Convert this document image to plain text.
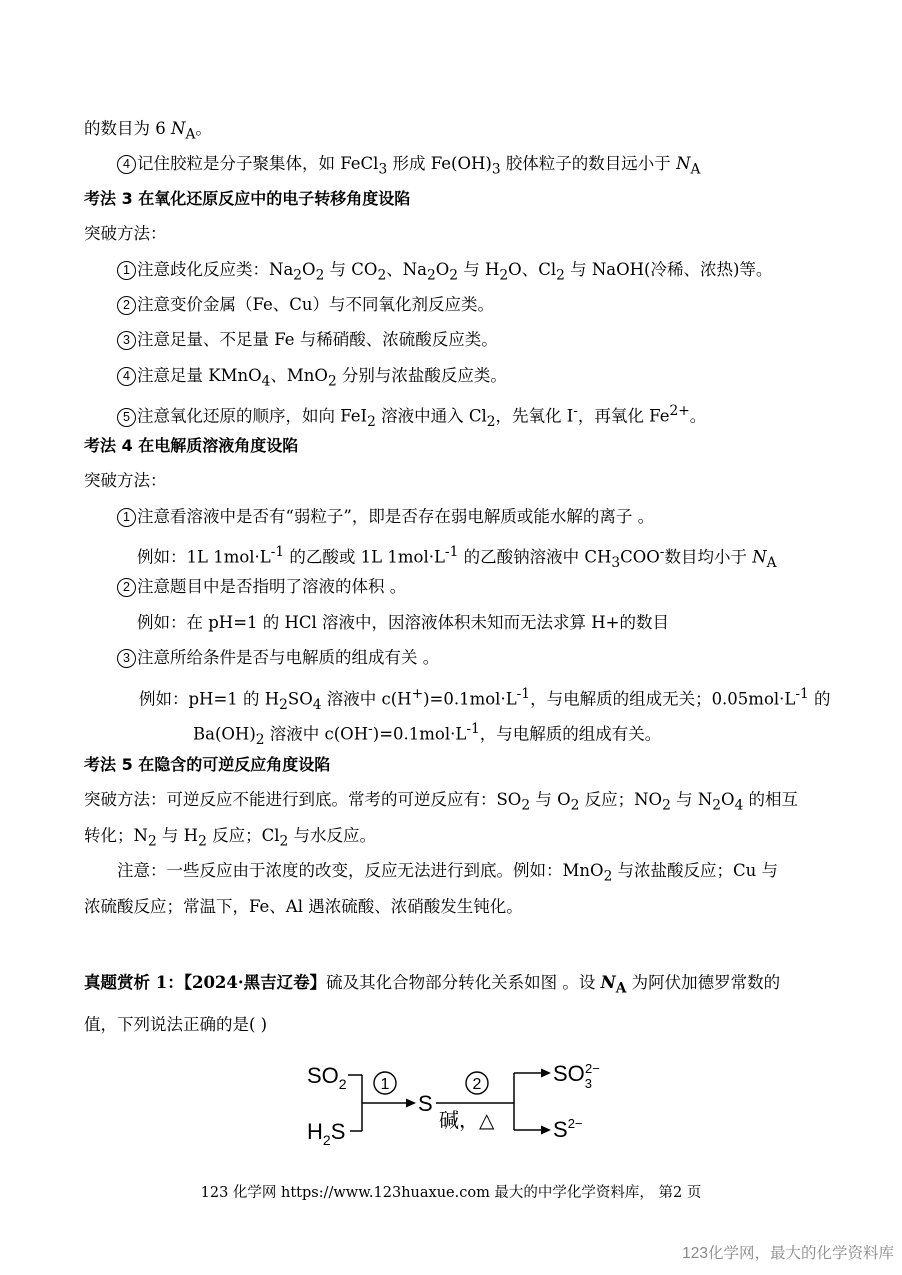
的数目为 6 $N_A$。
4 记住胶粒是分子聚集体，如 FeCl$_3$ 形成 $Fe(OH)_3$ 胶体粒子的数目远小于 $N_A$
考法 3 在氧化还原反应中的电子转移角度设陷
突破方法：
1 注意歧化反应类：$Na_2O_2$ 与 $CO_2$、$Na_2O_2$ 与 $H_2O$、$Cl_2$ 与 NaOH(冷稀、浓热)等。
2 注意变价金属（Fe、Cu）与不同氧化剂反应类。
3 注意足量、不足量 Fe 与稀硝酸、浓硫酸反应类。
4 注意足量 KMnO$_4$、MnO$_2$ 分别与浓盐酸反应类。
5 注意氧化还原的顺序，如向 FeI$_2$ 溶液中通入 $Cl_2$，先氧化 I-，再氧化 $Fe^{2+}$。
考法 4 在电解质溶液角度设陷
突破方法：
1 注意看溶液中是否有“弱粒子”，即是否存在弱电解质或能水解的离子 。
例如：1L $1mol\cdot L^{-1}$ 的乙酸或 1L $1mol\cdot L^{-1}$ 的乙酸钠溶液中 $CH_3COO^-$数目均小于 $N_A$
2 注意题目中是否指明了溶液的体积 。
例如：在 pH=1 的 HCl 溶液中，因溶液体积未知而无法求算 H+的数目
3 注意所给条件是否与电解质的组成有关 。
例如：pH=1 的 $H_2SO_4$ 溶液中 $c(H^+)=0.1mol\cdot L^{-1}$，与电解质的组成无关；$0.05mol\cdot L^{-1}$ 的
$Ba(OH)_2$ 溶液中 $c(OH^-)=0.1mol\cdot L^{-1}$，与电解质的组成有关。
考法 5 在隐含的可逆反应角度设陷
突破方法：可逆反应不能进行到底。常考的可逆反应有：$SO_2$ 与 $O_2$ 反应；$NO_2$ 与 $N_2O_4$ 的相互
转化；$N_2$ 与 $H_2$ 反应；$Cl_2$ 与水反应。
注意：一些反应由于浓度的改变，反应无法进行到底。例如：MnO$_2$ 与浓盐酸反应；Cu 与
浓硫酸反应；常温下，Fe、Al 遇浓硫酸、浓硝酸发生钝化。
真题赏析 1：【2024·黑吉辽卷】硫及其化合物部分转化关系如图 。设 $N_A$ 为阿伏加德罗常数的
值，下列说法正确的是( )
$SO_2$
$H_2S$
1
S
2
碱，△
$SO_32-$
$S^{2-}$
123 化学网 https://www.123huaxue.com 最大的中学化学资料库， 第2 页
123化学网，最大的化学资料库
